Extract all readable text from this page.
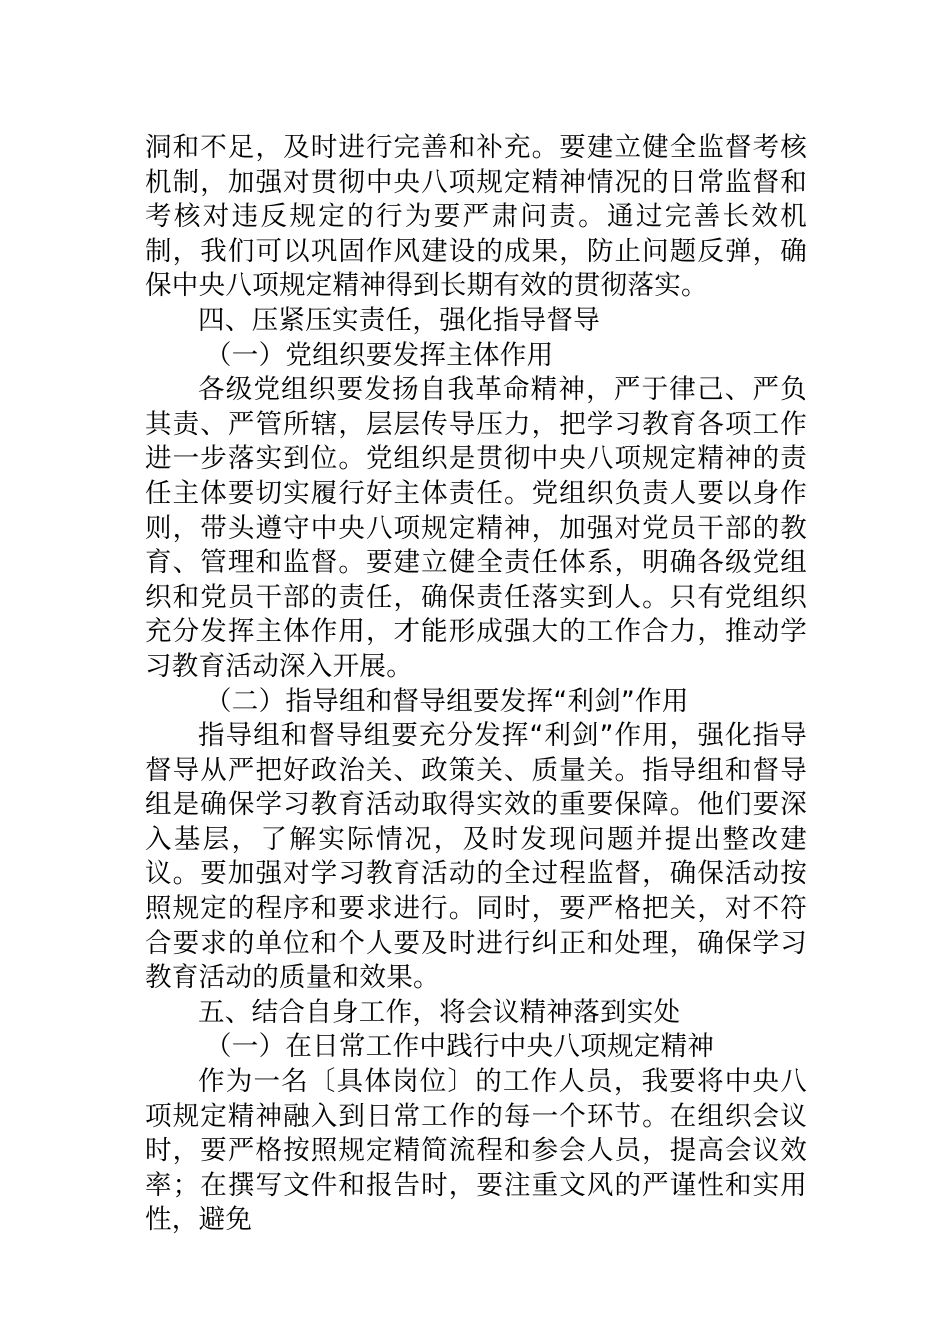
洞和不足，及时进行完善和补充。要建立健全监督考核机制，加强对贯彻中央八项规定精神情况的日常监督和考核对违反规定的行为要严肃问责。通过完善长效机制，我们可以巩固作风建设的成果，防止问题反弹，确保中央八项规定精神得到长期有效的贯彻落实。

四、压紧压实责任，强化指导督导

（一）党组织要发挥主体作用

各级党组织要发扬自我革命精神，严于律己、严负其责、严管所辖，层层传导压力，把学习教育各项工作进一步落实到位。党组织是贯彻中央八项规定精神的责任主体要切实履行好主体责任。党组织负责人要以身作则，带头遵守中央八项规定精神，加强对党员干部的教育、管理和监督。要建立健全责任体系，明确各级党组织和党员干部的责任，确保责任落实到人。只有党组织充分发挥主体作用，才能形成强大的工作合力，推动学习教育活动深入开展。

（二）指导组和督导组要发挥“利剑”作用

指导组和督导组要充分发挥“利剑”作用，强化指导督导从严把好政治关、政策关、质量关。指导组和督导组是确保学习教育活动取得实效的重要保障。他们要深入基层，了解实际情况，及时发现问题并提出整改建议。要加强对学习教育活动的全过程监督，确保活动按照规定的程序和要求进行。同时，要严格把关，对不符合要求的单位和个人要及时进行纠正和处理，确保学习教育活动的质量和效果。

五、结合自身工作，将会议精神落到实处

（一）在日常工作中践行中央八项规定精神

作为一名〔具体岗位〕的工作人员，我要将中央八项规定精神融入到日常工作的每一个环节。在组织会议时，要严格按照规定精简流程和参会人员，提高会议效率；在撰写文件和报告时，要注重文风的严谨性和实用性，避免
